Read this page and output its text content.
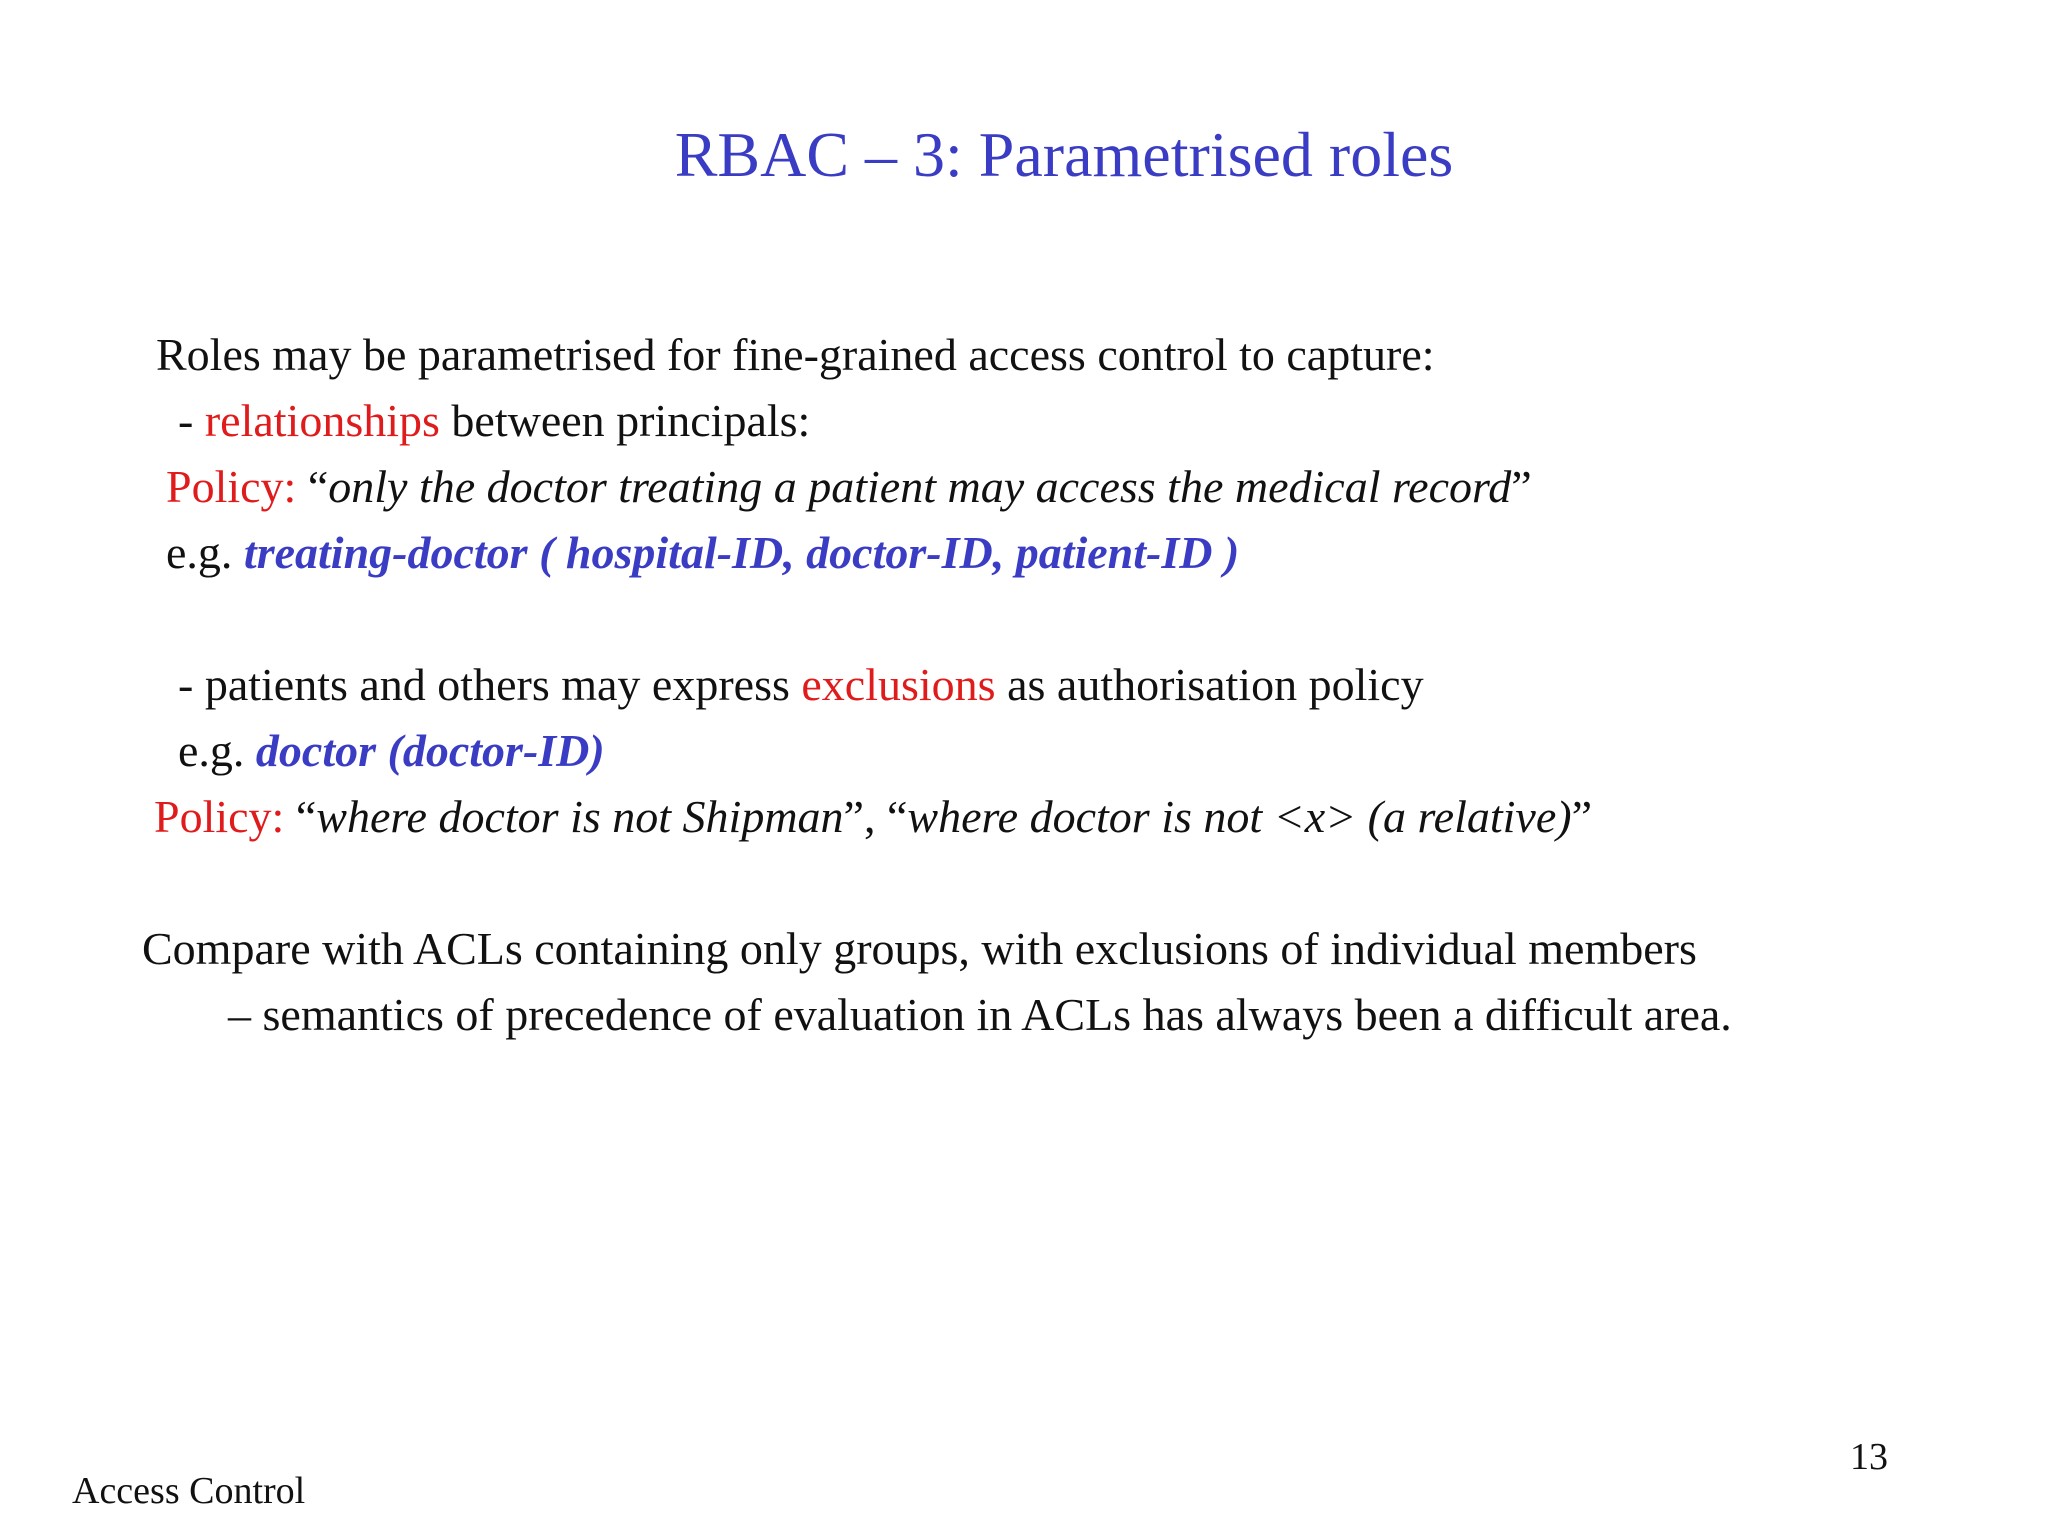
RBAC – 3: Parametrised roles
Roles may be parametrised for fine-grained access control to capture:
- relationships between principals:
Policy: “only the doctor treating a patient may access the medical record”
e.g. treating-doctor ( hospital-ID, doctor-ID, patient-ID )
- patients and others may express exclusions as authorisation policy
e.g. doctor (doctor-ID)
Policy: “where doctor is not Shipman”, “where doctor is not <x> (a relative)”
Compare with ACLs containing only groups, with exclusions of individual members
– semantics of precedence of evaluation in ACLs has always been a difficult area.
13
Access Control
